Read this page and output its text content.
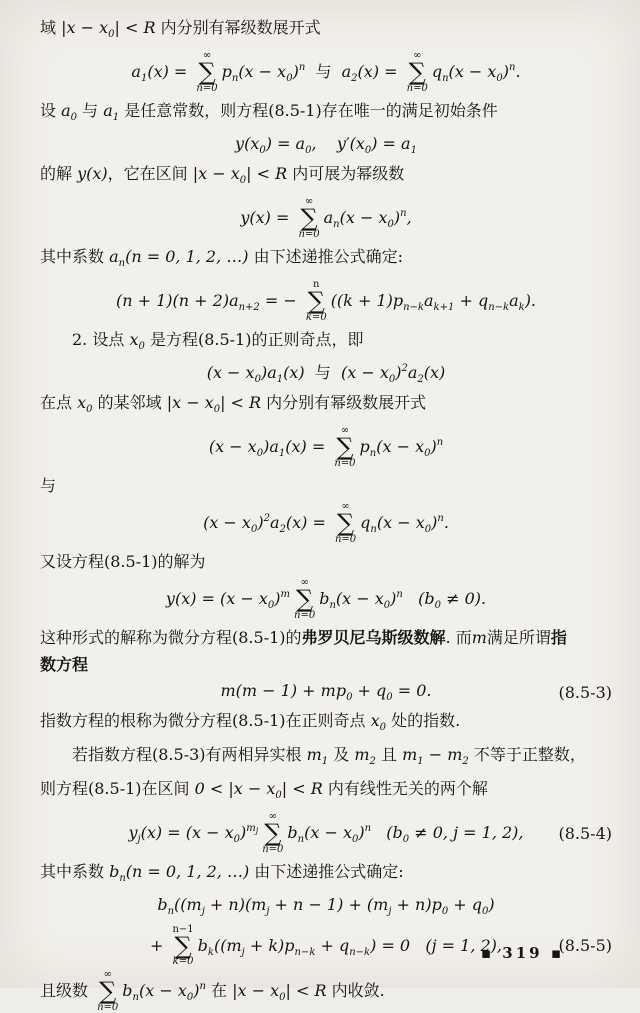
域 $|x - x_0| < R$ 内分别有幂级数展开式
$a_1(x)$ =
∞
∑
n=0
$p_n(x - x_0)^n$  与  $a_2(x)$ =
∞
∑
n=0
$q_n(x - x_0)^n$.
设 $a_0$ 与 $a_1$ 是任意常数，则方程(8.5-1)存在唯一的满足初始条件
$y(x_0) = a_0$,    $y'(x_0) = a_1$
的解 y(x)，它在区间 $|x - x_0| < R$ 内可展为幂级数
y(x) =
∞
∑
n=0
$a_n(x - x_0)^n$,
其中系数 $a_n(n = 0$, 1, 2, …) 由下述递推公式确定:
$(n + 1)(n + 2)a_{n+2}$ = −
n
∑
k=0
$((k + 1)p_{n-k}a_{k+1} + q_{n-k}a_k)$.
2. 设点 $x_0$ 是方程(8.5-1)的正则奇点，即
$(x - x_0)a_1(x)$  与  $(x - x_0)^2a_2(x)$
在点 $x_0$ 的某邻域 $|x - x_0| < R$ 内分别有幂级数展开式
$(x - x_0)a_1(x)$ =
∞
∑
n=0
$p_n(x - x_0)^n$
与
$(x - x_0)^2a_2(x)$ =
∞
∑
n=0
$q_n(x - x_0)^n$.
又设方程(8.5-1)的解为
$y(x) = (x - x_0)^m$
∞
∑
n=0
$b_n(x - x_0)^n$   $(b_0 \ne 0)$.
这种形式的解称为微分方程(8.5-1)的弗罗贝尼乌斯级数解. 而m满足所谓指
数方程
$m(m - 1) + mp_0 + q_0 = 0$.	(8.5-3)
指数方程的根称为微分方程(8.5-1)在正则奇点 $x_0$ 处的指数.
若指数方程(8.5-3)有两相异实根 $m_1$ 及 $m_2$ 且 $m_1 - m_2$ 不等于正整数，
则方程(8.5-1)在区间 $0 < |x - x_0| < R$ 内有线性无关的两个解
$y_j(x) = (x - x_0)^{m_j}$
∞
∑
n=0
$b_n(x - x_0)^n$   ($b_0 \ne 0$, j = 1, 2), (8.5-4)
其中系数 $b_n(n = 0$, 1, 2, …) 由下述递推公式确定:
$b_n((m_j + n)(m_j + n - 1) + (m_j + n)p_0 + q_0)$
+
n−1
∑
k=0
$b_k((m_j + k)p_{n-k} + q_{n-k}) = 0$   (j = 1, 2),	(8.5-5)
且级数
∞
∑
n=0
$b_n(x - x_0)^n$ 在 $|x - x_0| < R$ 内收敛.
▪ 319 ▪
